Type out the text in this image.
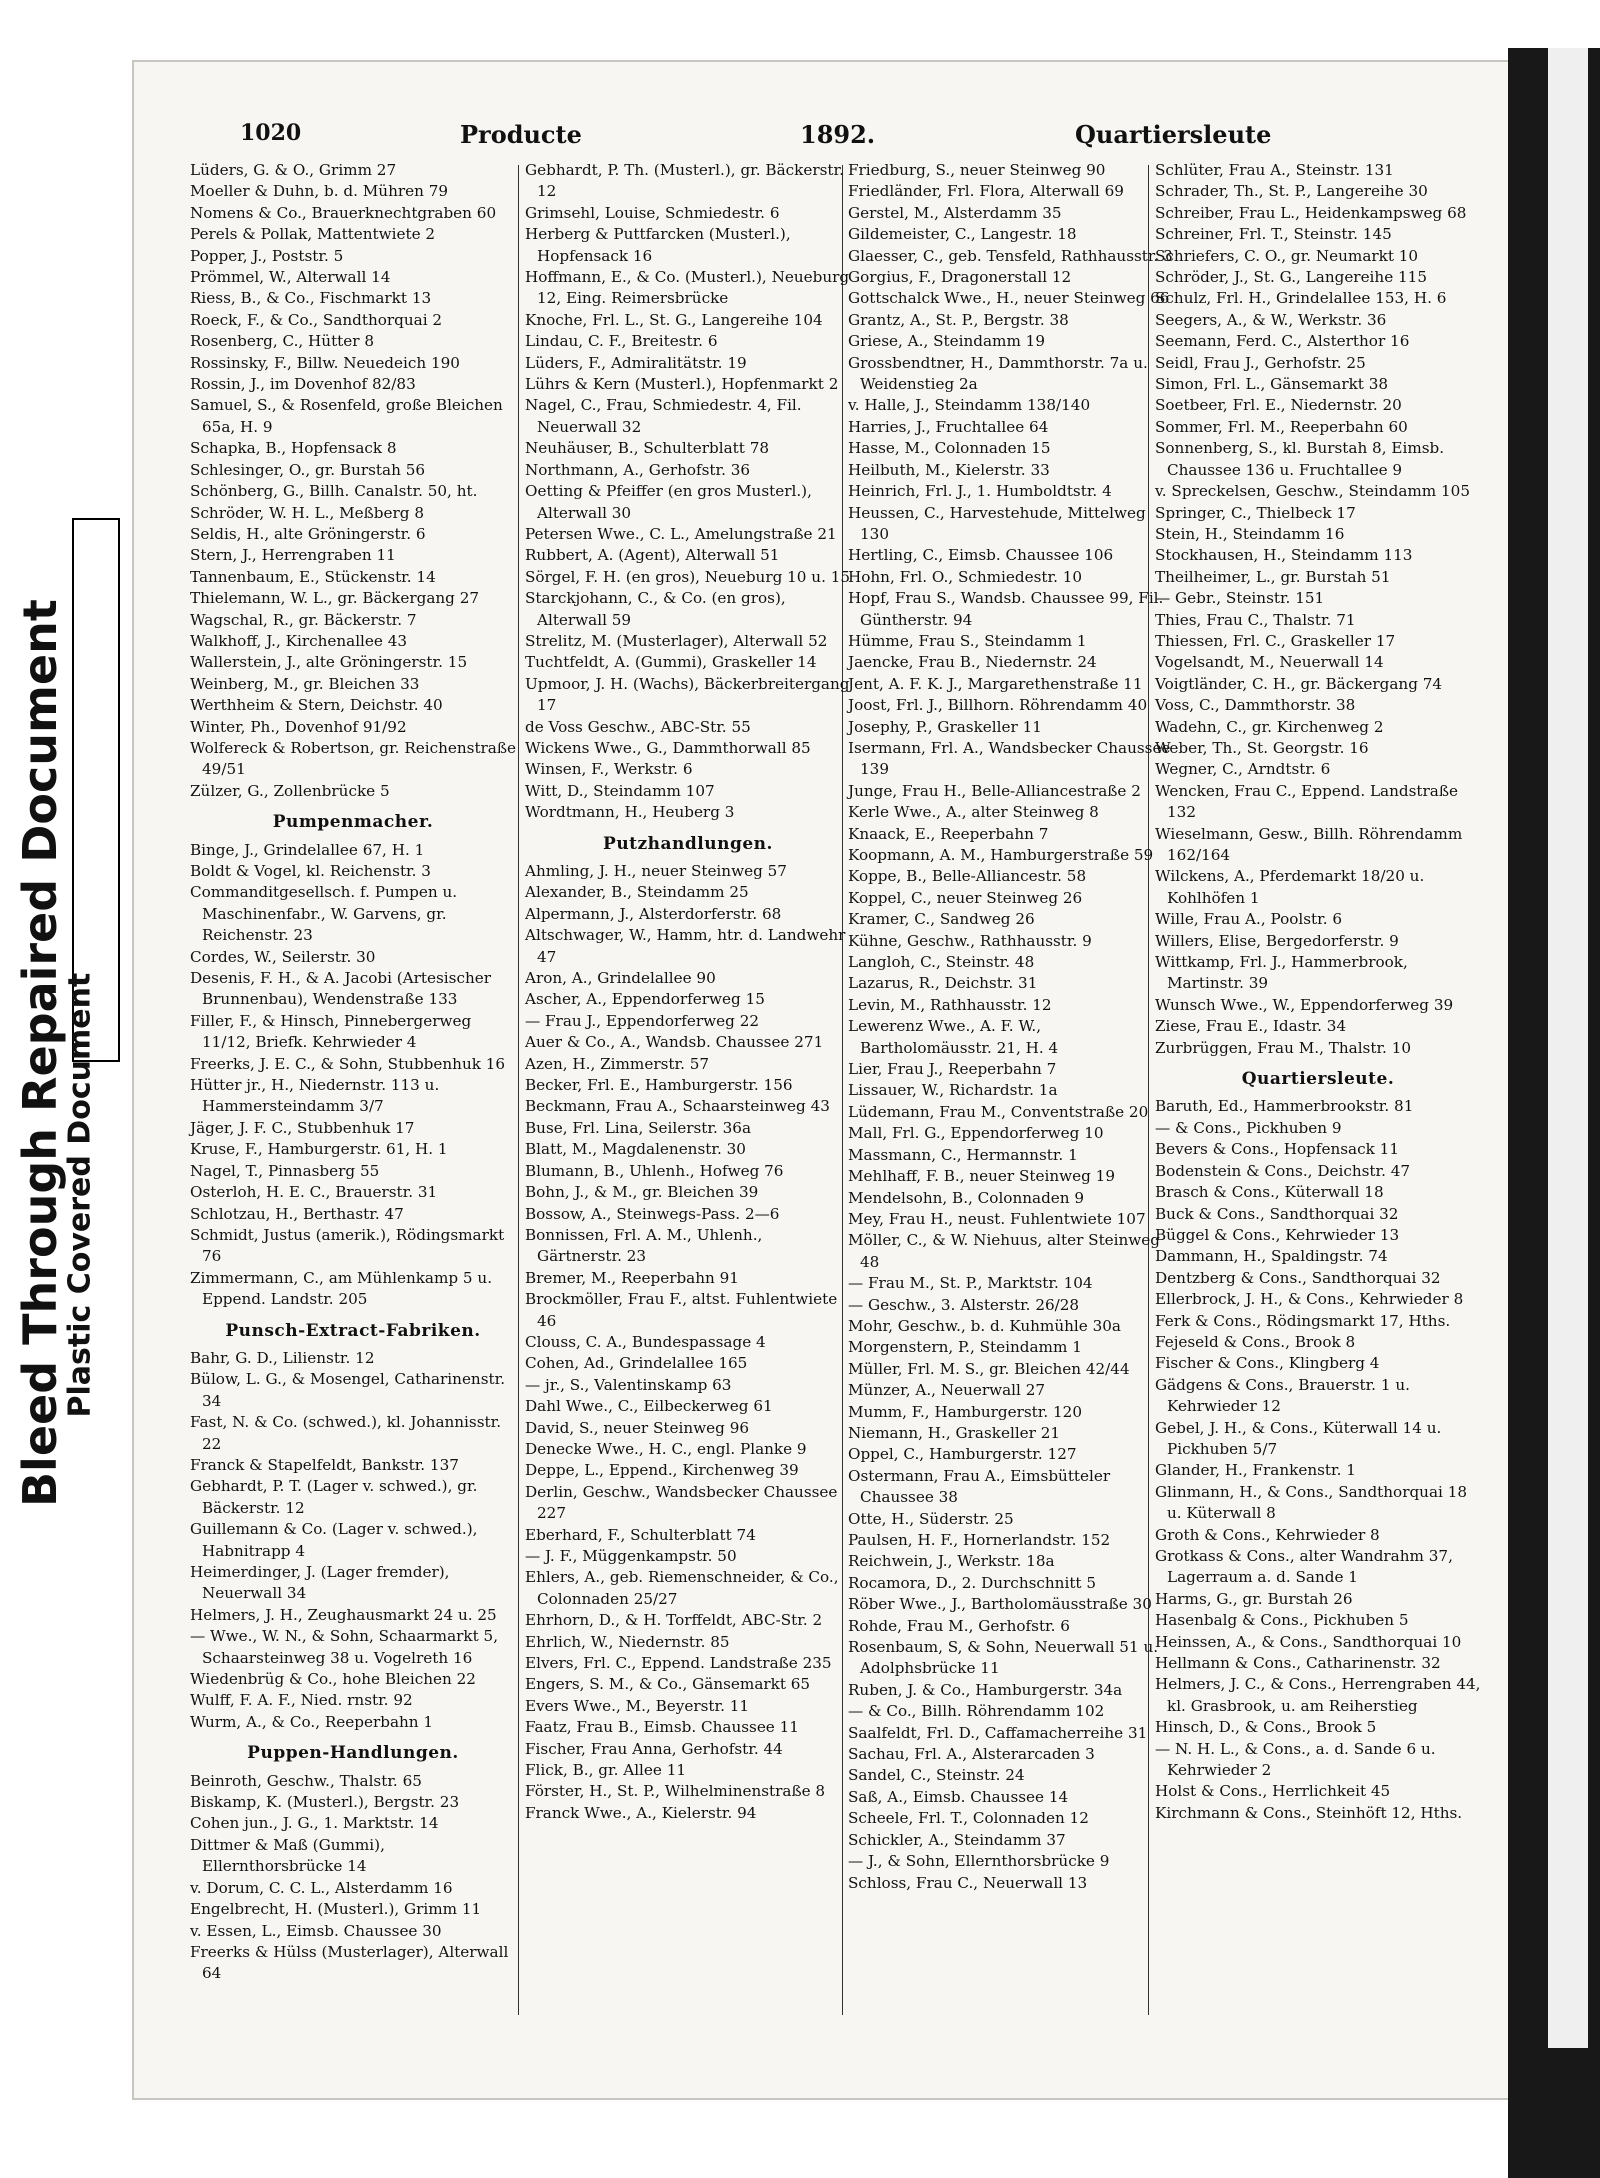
Bleed Through Repaired Document
Plastic Covered Document
1020	Producte	1892.	Quartiersleute
Lüders, G. & O., Grimm 27
Moeller & Duhn, b. d. Mühren 79
Nomens & Co., Brauerknechtgraben 60
Perels & Pollak, Mattentwiete 2
Popper, J., Poststr. 5
Prömmel, W., Alterwall 14
Riess, B., & Co., Fischmarkt 13
Roeck, F., & Co., Sandthorquai 2
Rosenberg, C., Hütter 8
Rossinsky, F., Billw. Neuedeich 190
Rossin, J., im Dovenhof 82/83
Samuel, S., & Rosenfeld, große Bleichen 65a, H. 9
Schapka, B., Hopfensack 8
Schlesinger, O., gr. Burstah 56
Schönberg, G., Billh. Canalstr. 50, ht.
Schröder, W. H. L., Meßberg 8
Seldis, H., alte Gröningerstr. 6
Stern, J., Herrengraben 11
Tannenbaum, E., Stückenstr. 14
Thielemann, W. L., gr. Bäckergang 27
Wagschal, R., gr. Bäckerstr. 7
Walkhoff, J., Kirchenallee 43
Wallerstein, J., alte Gröningerstr. 15
Weinberg, M., gr. Bleichen 33
Werthheim & Stern, Deichstr. 40
Winter, Ph., Dovenhof 91/92
Wolfereck & Robertson, gr. Reichenstraße 49/51
Zülzer, G., Zollenbrücke 5
Pumpenmacher.
Binge, J., Grindelallee 67, H. 1
Boldt & Vogel, kl. Reichenstr. 3
Commanditgesellsch. f. Pumpen u. Maschinenfabr., W. Garvens, gr. Reichenstr. 23
Cordes, W., Seilerstr. 30
Desenis, F. H., & A. Jacobi (Artesischer Brunnenbau), Wendenstraße 133
Filler, F., & Hinsch, Pinnebergerweg 11/12, Briefk. Kehrwieder 4
Freerks, J. E. C., & Sohn, Stubbenhuk 16
Hütter jr., H., Niedernstr. 113 u. Hammersteindamm 3/7
Jäger, J. F. C., Stubbenhuk 17
Kruse, F., Hamburgerstr. 61, H. 1
Nagel, T., Pinnasberg 55
Osterloh, H. E. C., Brauerstr. 31
Schlotzau, H., Berthastr. 47
Schmidt, Justus (amerik.), Rödingsmarkt 76
Zimmermann, C., am Mühlenkamp 5 u. Eppend. Landstr. 205
Punsch-Extract-Fabriken.
Bahr, G. D., Lilienstr. 12
Bülow, L. G., & Mosengel, Catharinenstr. 34
Fast, N. & Co. (schwed.), kl. Johannisstr. 22
Franck & Stapelfeldt, Bankstr. 137
Gebhardt, P. T. (Lager v. schwed.), gr. Bäckerstr. 12
Guillemann & Co. (Lager v. schwed.), Habnitrapp 4
Heimerdinger, J. (Lager fremder), Neuerwall 34
Helmers, J. H., Zeughausmarkt 24 u. 25
— Wwe., W. N., & Sohn, Schaarmarkt 5, Schaarsteinweg 38 u. Vogelreth 16
Wiedenbrüg & Co., hohe Bleichen 22
Wulff, F. A. F., Nied. rnstr. 92
Wurm, A., & Co., Reeperbahn 1
Puppen-Handlungen.
Beinroth, Geschw., Thalstr. 65
Biskamp, K. (Musterl.), Bergstr. 23
Cohen jun., J. G., 1. Marktstr. 14
Dittmer & Maß (Gummi), Ellernthorsbrücke 14
v. Dorum, C. C. L., Alsterdamm 16
Engelbrecht, H. (Musterl.), Grimm 11
v. Essen, L., Eimsb. Chaussee 30
Freerks & Hülss (Musterlager), Alterwall 64
Gebhardt, P. Th. (Musterl.), gr. Bäckerstr. 12
Grimsehl, Louise, Schmiedestr. 6
Herberg & Puttfarcken (Musterl.), Hopfensack 16
Hoffmann, E., & Co. (Musterl.), Neueburg 12, Eing. Reimersbrücke
Knoche, Frl. L., St. G., Langereihe 104
Lindau, C. F., Breitestr. 6
Lüders, F., Admiralitätstr. 19
Lührs & Kern (Musterl.), Hopfenmarkt 2
Nagel, C., Frau, Schmiedestr. 4, Fil. Neuerwall 32
Neuhäuser, B., Schulterblatt 78
Northmann, A., Gerhofstr. 36
Oetting & Pfeiffer (en gros Musterl.), Alterwall 30
Petersen Wwe., C. L., Amelungstraße 21
Rubbert, A. (Agent), Alterwall 51
Sörgel, F. H. (en gros), Neueburg 10 u. 15
Starckjohann, C., & Co. (en gros), Alterwall 59
Strelitz, M. (Musterlager), Alterwall 52
Tuchtfeldt, A. (Gummi), Graskeller 14
Upmoor, J. H. (Wachs), Bäckerbreitergang 17
de Voss Geschw., ABC-Str. 55
Wickens Wwe., G., Dammthorwall 85
Winsen, F., Werkstr. 6
Witt, D., Steindamm 107
Wordtmann, H., Heuberg 3
Putzhandlungen.
Ahmling, J. H., neuer Steinweg 57
Alexander, B., Steindamm 25
Alpermann, J., Alsterdorferstr. 68
Altschwager, W., Hamm, htr. d. Landwehr 47
Aron, A., Grindelallee 90
Ascher, A., Eppendorferweg 15
— Frau J., Eppendorferweg 22
Auer & Co., A., Wandsb. Chaussee 271
Azen, H., Zimmerstr. 57
Becker, Frl. E., Hamburgerstr. 156
Beckmann, Frau A., Schaarsteinweg 43
Buse, Frl. Lina, Seilerstr. 36a
Blatt, M., Magdalenenstr. 30
Blumann, B., Uhlenh., Hofweg 76
Bohn, J., & M., gr. Bleichen 39
Bossow, A., Steinwegs-Pass. 2—6
Bonnissen, Frl. A. M., Uhlenh., Gärtnerstr. 23
Bremer, M., Reeperbahn 91
Brockmöller, Frau F., altst. Fuhlentwiete 46
Clouss, C. A., Bundespassage 4
Cohen, Ad., Grindelallee 165
— jr., S., Valentinskamp 63
Dahl Wwe., C., Eilbeckerweg 61
David, S., neuer Steinweg 96
Denecke Wwe., H. C., engl. Planke 9
Deppe, L., Eppend., Kirchenweg 39
Derlin, Geschw., Wandsbecker Chaussee 227
Eberhard, F., Schulterblatt 74
— J. F., Müggenkampstr. 50
Ehlers, A., geb. Riemenschneider, & Co., Colonnaden 25/27
Ehrhorn, D., & H. Torffeldt, ABC-Str. 2
Ehrlich, W., Niedernstr. 85
Elvers, Frl. C., Eppend. Landstraße 235
Engers, S. M., & Co., Gänsemarkt 65
Evers Wwe., M., Beyerstr. 11
Faatz, Frau B., Eimsb. Chaussee 11
Fischer, Frau Anna, Gerhofstr. 44
Flick, B., gr. Allee 11
Förster, H., St. P., Wilhelminenstraße 8
Franck Wwe., A., Kielerstr. 94
Friedburg, S., neuer Steinweg 90
Friedländer, Frl. Flora, Alterwall 69
Gerstel, M., Alsterdamm 35
Gildemeister, C., Langestr. 18
Glaesser, C., geb. Tensfeld, Rathhausstr. 3
Gorgius, F., Dragonerstall 12
Gottschalck Wwe., H., neuer Steinweg 66
Grantz, A., St. P., Bergstr. 38
Griese, A., Steindamm 19
Grossbendtner, H., Dammthorstr. 7a u. Weidenstieg 2a
v. Halle, J., Steindamm 138/140
Harries, J., Fruchtallee 64
Hasse, M., Colonnaden 15
Heilbuth, M., Kielerstr. 33
Heinrich, Frl. J., 1. Humboldtstr. 4
Heussen, C., Harvestehude, Mittelweg 130
Hertling, C., Eimsb. Chaussee 106
Hohn, Frl. O., Schmiedestr. 10
Hopf, Frau S., Wandsb. Chaussee 99, Fil. Güntherstr. 94
Hümme, Frau S., Steindamm 1
Jaencke, Frau B., Niedernstr. 24
Jent, A. F. K. J., Margarethenstraße 11
Joost, Frl. J., Billhorn. Röhrendamm 40
Josephy, P., Graskeller 11
Isermann, Frl. A., Wandsbecker Chaussee 139
Junge, Frau H., Belle-Alliancestraße 2
Kerle Wwe., A., alter Steinweg 8
Knaack, E., Reeperbahn 7
Koopmann, A. M., Hamburgerstraße 59
Koppe, B., Belle-Alliancestr. 58
Koppel, C., neuer Steinweg 26
Kramer, C., Sandweg 26
Kühne, Geschw., Rathhausstr. 9
Langloh, C., Steinstr. 48
Lazarus, R., Deichstr. 31
Levin, M., Rathhausstr. 12
Lewerenz Wwe., A. F. W., Bartholomäusstr. 21, H. 4
Lier, Frau J., Reeperbahn 7
Lissauer, W., Richardstr. 1a
Lüdemann, Frau M., Conventstraße 20
Mall, Frl. G., Eppendorferweg 10
Massmann, C., Hermannstr. 1
Mehlhaff, F. B., neuer Steinweg 19
Mendelsohn, B., Colonnaden 9
Mey, Frau H., neust. Fuhlentwiete 107
Möller, C., & W. Niehuus, alter Steinweg 48
— Frau M., St. P., Marktstr. 104
— Geschw., 3. Alsterstr. 26/28
Mohr, Geschw., b. d. Kuhmühle 30a
Morgenstern, P., Steindamm 1
Müller, Frl. M. S., gr. Bleichen 42/44
Münzer, A., Neuerwall 27
Mumm, F., Hamburgerstr. 120
Niemann, H., Graskeller 21
Oppel, C., Hamburgerstr. 127
Ostermann, Frau A., Eimsbütteler Chaussee 38
Otte, H., Süderstr. 25
Paulsen, H. F., Hornerlandstr. 152
Reichwein, J., Werkstr. 18a
Rocamora, D., 2. Durchschnitt 5
Röber Wwe., J., Bartholomäusstraße 30
Rohde, Frau M., Gerhofstr. 6
Rosenbaum, S, & Sohn, Neuerwall 51 u. Adolphsbrücke 11
Ruben, J. & Co., Hamburgerstr. 34a
— & Co., Billh. Röhrendamm 102
Saalfeldt, Frl. D., Caffamacherreihe 31
Sachau, Frl. A., Alsterarcaden 3
Sandel, C., Steinstr. 24
Saß, A., Eimsb. Chaussee 14
Scheele, Frl. T., Colonnaden 12
Schickler, A., Steindamm 37
— J., & Sohn, Ellernthorsbrücke 9
Schloss, Frau C., Neuerwall 13
Schlüter, Frau A., Steinstr. 131
Schrader, Th., St. P., Langereihe 30
Schreiber, Frau L., Heidenkampsweg 68
Schreiner, Frl. T., Steinstr. 145
Schriefers, C. O., gr. Neumarkt 10
Schröder, J., St. G., Langereihe 115
Schulz, Frl. H., Grindelallee 153, H. 6
Seegers, A., & W., Werkstr. 36
Seemann, Ferd. C., Alsterthor 16
Seidl, Frau J., Gerhofstr. 25
Simon, Frl. L., Gänsemarkt 38
Soetbeer, Frl. E., Niedernstr. 20
Sommer, Frl. M., Reeperbahn 60
Sonnenberg, S., kl. Burstah 8, Eimsb. Chaussee 136 u. Fruchtallee 9
v. Spreckelsen, Geschw., Steindamm 105
Springer, C., Thielbeck 17
Stein, H., Steindamm 16
Stockhausen, H., Steindamm 113
Theilheimer, L., gr. Burstah 51
— Gebr., Steinstr. 151
Thies, Frau C., Thalstr. 71
Thiessen, Frl. C., Graskeller 17
Vogelsandt, M., Neuerwall 14
Voigtländer, C. H., gr. Bäckergang 74
Voss, C., Dammthorstr. 38
Wadehn, C., gr. Kirchenweg 2
Weber, Th., St. Georgstr. 16
Wegner, C., Arndtstr. 6
Wencken, Frau C., Eppend. Landstraße 132
Wieselmann, Gesw., Billh. Röhrendamm 162/164
Wilckens, A., Pferdemarkt 18/20 u. Kohlhöfen 1
Wille, Frau A., Poolstr. 6
Willers, Elise, Bergedorferstr. 9
Wittkamp, Frl. J., Hammerbrook, Martinstr. 39
Wunsch Wwe., W., Eppendorferweg 39
Ziese, Frau E., Idastr. 34
Zurbrüggen, Frau M., Thalstr. 10
Quartiersleute.
Baruth, Ed., Hammerbrookstr. 81
— & Cons., Pickhuben 9
Bevers & Cons., Hopfensack 11
Bodenstein & Cons., Deichstr. 47
Brasch & Cons., Küterwall 18
Buck & Cons., Sandthorquai 32
Büggel & Cons., Kehrwieder 13
Dammann, H., Spaldingstr. 74
Dentzberg & Cons., Sandthorquai 32
Ellerbrock, J. H., & Cons., Kehrwieder 8
Ferk & Cons., Rödingsmarkt 17, Hths.
Fejeseld & Cons., Brook 8
Fischer & Cons., Klingberg 4
Gädgens & Cons., Brauerstr. 1 u. Kehrwieder 12
Gebel, J. H., & Cons., Küterwall 14 u. Pickhuben 5/7
Glander, H., Frankenstr. 1
Glinmann, H., & Cons., Sandthorquai 18 u. Küterwall 8
Groth & Cons., Kehrwieder 8
Grotkass & Cons., alter Wandrahm 37, Lagerraum a. d. Sande 1
Harms, G., gr. Burstah 26
Hasenbalg & Cons., Pickhuben 5
Heinssen, A., & Cons., Sandthorquai 10
Hellmann & Cons., Catharinenstr. 32
Helmers, J. C., & Cons., Herrengraben 44, kl. Grasbrook, u. am Reiherstieg
Hinsch, D., & Cons., Brook 5
— N. H. L., & Cons., a. d. Sande 6 u. Kehrwieder 2
Holst & Cons., Herrlichkeit 45
Kirchmann & Cons., Steinhöft 12, Hths.
